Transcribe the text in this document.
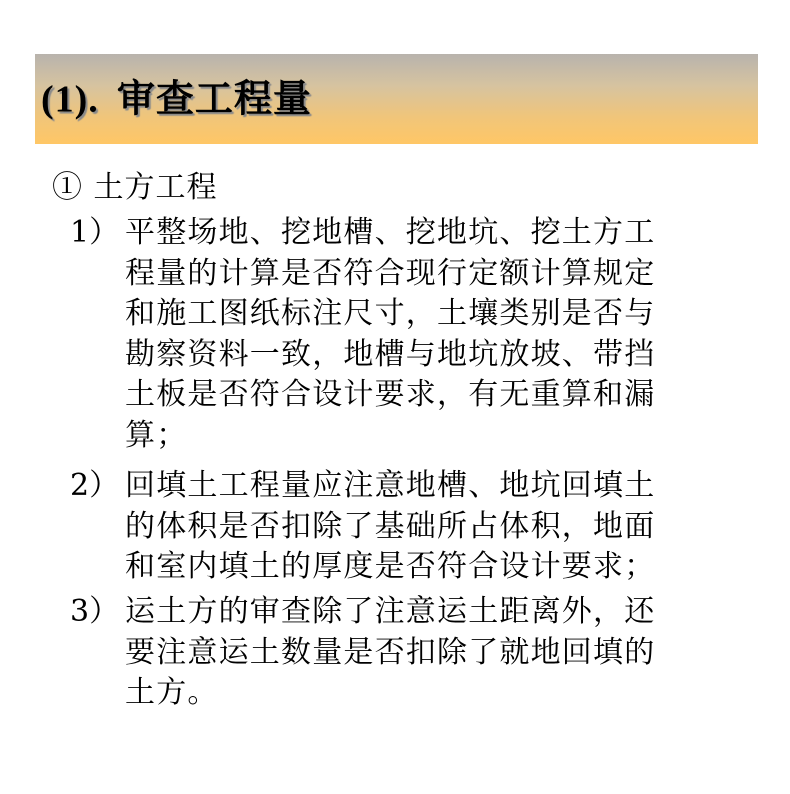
(1). 审查工程量
① 土方工程
1） 平整场地、挖地槽、挖地坑、挖土方工
程量的计算是否符合现行定额计算规定
和施工图纸标注尺寸，土壤类别是否与
勘察资料一致，地槽与地坑放坡、带挡
土板是否符合设计要求，有无重算和漏
算；
2） 回填土工程量应注意地槽、地坑回填土
的体积是否扣除了基础所占体积，地面
和室内填土的厚度是否符合设计要求；
3） 运土方的审查除了注意运土距离外，还
要注意运土数量是否扣除了就地回填的
土方。
